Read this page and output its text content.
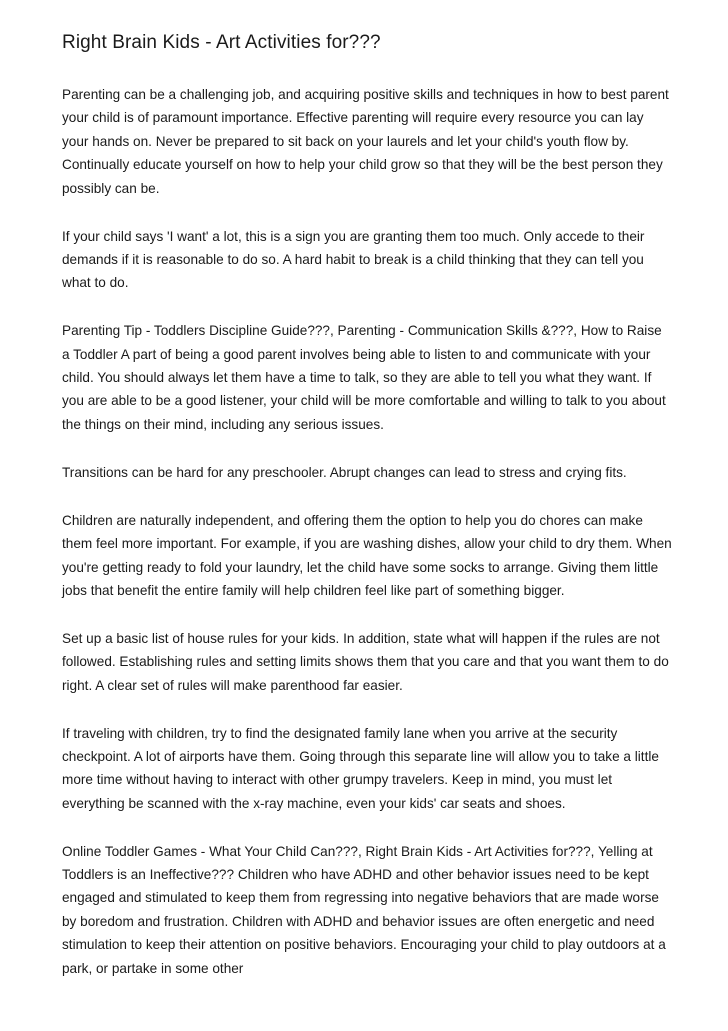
Right Brain Kids - Art Activities for???

Parenting can be a challenging job, and acquiring positive skills and techniques in how to best parent your child is of paramount importance. Effective parenting will require every resource you can lay your hands on. Never be prepared to sit back on your laurels and let your child's youth flow by. Continually educate yourself on how to help your child grow so that they will be the best person they possibly can be.

If your child says 'I want' a lot, this is a sign you are granting them too much. Only accede to their demands if it is reasonable to do so. A hard habit to break is a child thinking that they can tell you what to do.

Parenting Tip - Toddlers Discipline Guide???, Parenting - Communication Skills &???, How to Raise a Toddler A part of being a good parent involves being able to listen to and communicate with your child. You should always let them have a time to talk, so they are able to tell you what they want. If you are able to be a good listener, your child will be more comfortable and willing to talk to you about the things on their mind, including any serious issues.

Transitions can be hard for any preschooler. Abrupt changes can lead to stress and crying fits.

Children are naturally independent, and offering them the option to help you do chores can make them feel more important. For example, if you are washing dishes, allow your child to dry them. When you're getting ready to fold your laundry, let the child have some socks to arrange. Giving them little jobs that benefit the entire family will help children feel like part of something bigger.

Set up a basic list of house rules for your kids. In addition, state what will happen if the rules are not followed. Establishing rules and setting limits shows them that you care and that you want them to do right. A clear set of rules will make parenthood far easier.

If traveling with children, try to find the designated family lane when you arrive at the security checkpoint. A lot of airports have them. Going through this separate line will allow you to take a little more time without having to interact with other grumpy travelers. Keep in mind, you must let everything be scanned with the x-ray machine, even your kids' car seats and shoes.

Online Toddler Games - What Your Child Can???, Right Brain Kids - Art Activities for???, Yelling at Toddlers is an Ineffective??? Children who have ADHD and other behavior issues need to be kept engaged and stimulated to keep them from regressing into negative behaviors that are made worse by boredom and frustration. Children with ADHD and behavior issues are often energetic and need stimulation to keep their attention on positive behaviors. Encouraging your child to play outdoors at a park, or partake in some other
